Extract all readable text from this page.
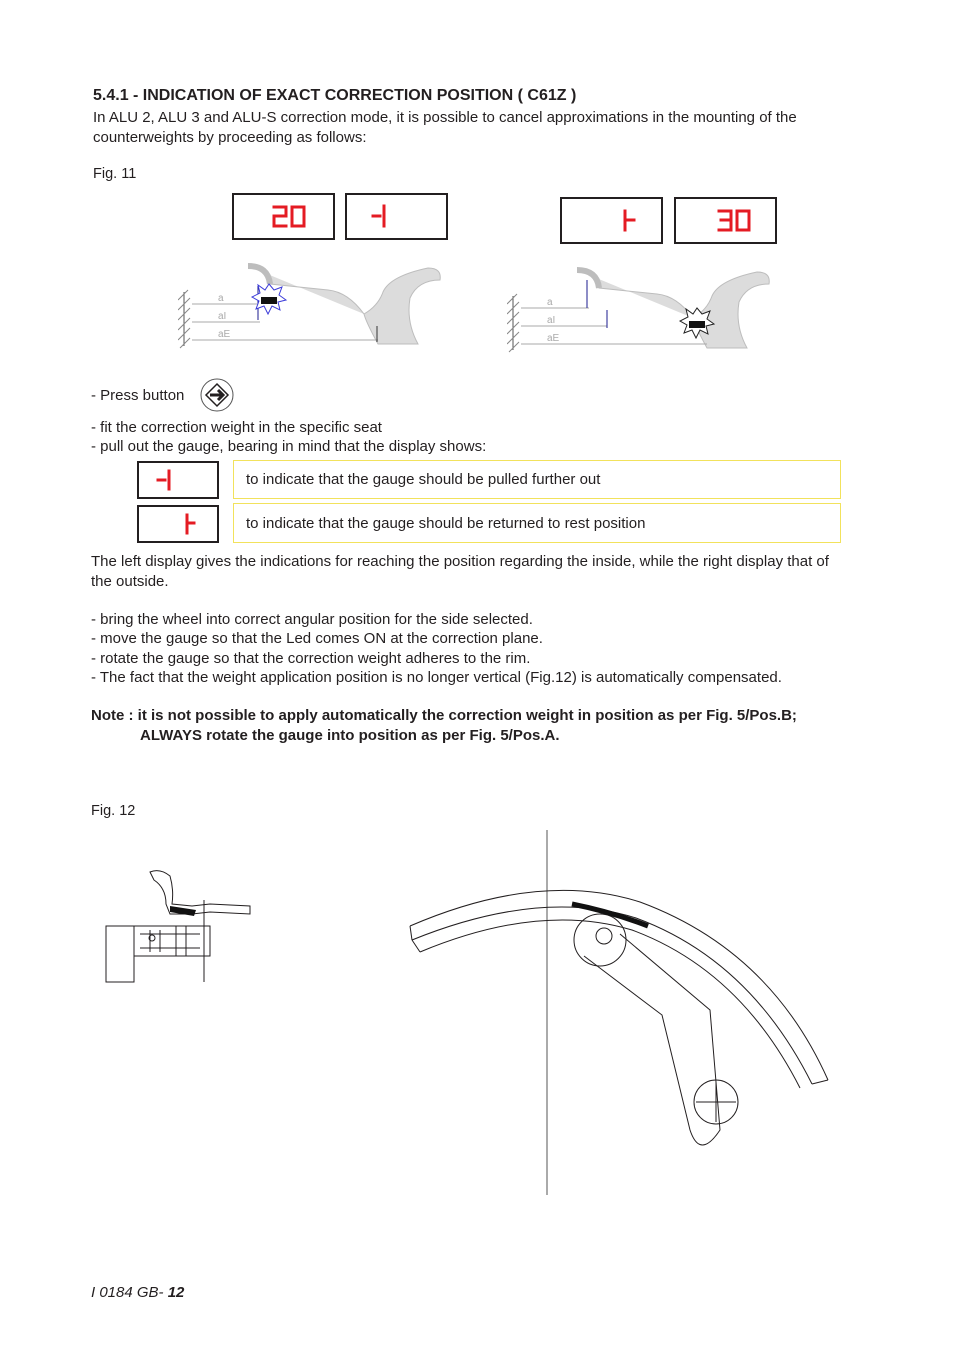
5.4.1 - INDICATION OF EXACT CORRECTION POSITION ( C61Z )
In ALU 2, ALU 3 and ALU-S correction mode, it is possible to cancel approximations in the mounting of the counterweights by proceeding as follows:
Fig. 11
a
aI
aE
a
aI
aE
- Press button
- fit the correction weight in the specific seat
- pull out the gauge, bearing in mind that the display shows:
to indicate that the gauge should be pulled further out
to indicate that the gauge should be returned to rest position
The left display gives the indications for reaching the position regarding the inside, while the right display that of the outside.
- bring the wheel into correct angular position for the side selected.
- move the gauge so that the Led comes ON at the correction plane.
- rotate the gauge so that the correction weight adheres to the rim.
- The fact that the weight application position is no longer vertical (Fig.12) is automatically compensated.
Note : it is not possible to apply automatically the correction weight in position as per Fig. 5/Pos.B;
ALWAYS rotate the gauge into position as per Fig. 5/Pos.A.
Fig. 12
I 0184 GB- 12
